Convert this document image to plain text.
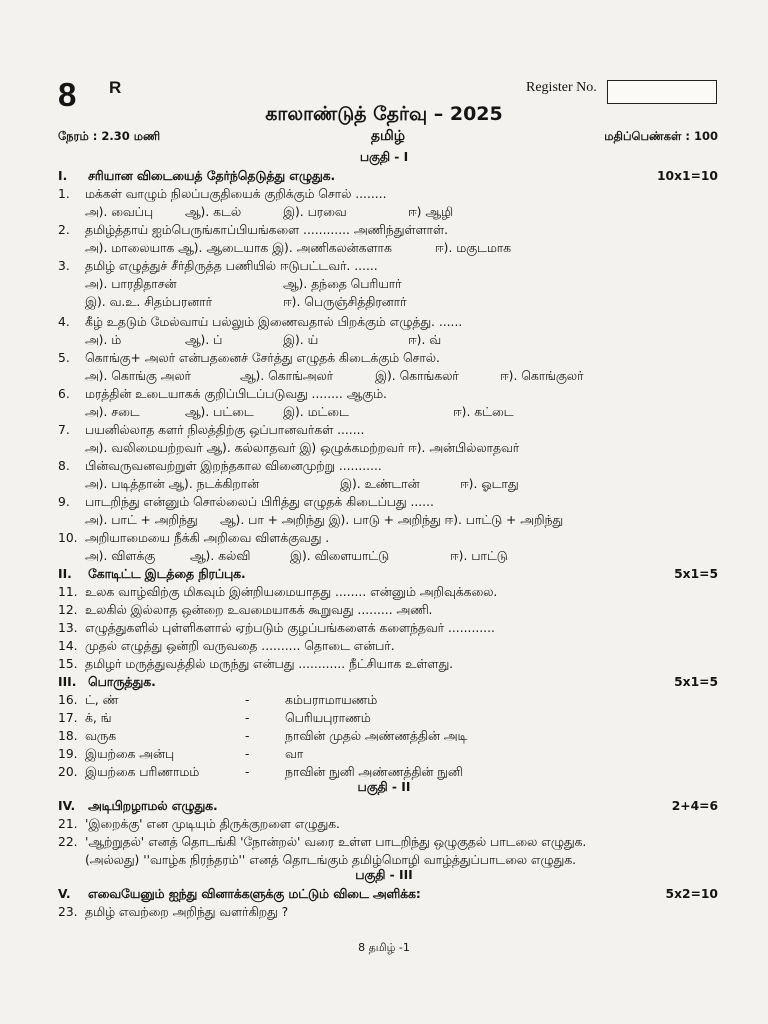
8 R	Register No.
காலாண்டுத் தேர்வு – 2025
நேரம் : 2.30 மணி	தமிழ்	மதிப்பெண்கள் : 100
பகுதி - I
I. சரியான விடையைத் தேர்ந்தெடுத்து எழுதுக.	10x1=10
1. மக்கள் வாழும் நிலப்பகுதியைக் குறிக்கும் சொல் ........
அ). வைப்பு	ஆ). கடல்	இ). பரவை	ஈ) ஆழி
2. தமிழ்த்தாய் ஐம்பெருங்காப்பியங்களை ............ அணிந்துள்ளாள்.
அ). மாலையாக ஆ). ஆடையாக இ). அணிகலன்களாக	ஈ). மகுடமாக
3. தமிழ் எழுத்துச் சீர்திருத்த பணியில் ஈடுபட்டவர். ......
அ). பாரதிதாசன்	ஆ). தந்தை பெரியார்
இ). வ.உ. சிதம்பரனார்	ஈ). பெருஞ்சித்திரனார்
4. கீழ் உதடும் மேல்வாய் பல்லும் இணைவதால் பிறக்கும் எழுத்து. ......
அ). ம்	ஆ). ப்	இ). ய்	ஈ). வ்
5. கொங்கு+ அலர் என்பதனைச் சேர்த்து எழுதக் கிடைக்கும் சொல்.
அ). கொங்கு அலர்	ஆ). கொங்அலர்	இ). கொங்கலர்	ஈ). கொங்குலர்
6. மரத்தின் உடையாகக் குறிப்பிடப்படுவது ........ ஆகும்.
அ). சடை	ஆ). பட்டை இ). மட்டை	ஈ). கட்டை
7. பயனில்லாத களர் நிலத்திற்கு ஒப்பானவர்கள் .......
அ). வலிமையற்றவர் ஆ). கல்லாதவர் இ) ஒழுக்கமற்றவர் ஈ). அன்பில்லாதவர்
8. பின்வருவனவற்றுள் இறந்தகால வினைமுற்று ...........
அ). படித்தான் ஆ). நடக்கிறான்	இ). உண்டான்	ஈ). ஓடாது
9. பாடறிந்து என்னும் சொல்லைப் பிரித்து எழுதக் கிடைப்பது ......
அ). பாட் + அறிந்து ஆ). பா + அறிந்து இ). பாடு + அறிந்து ஈ). பாட்டு + அறிந்து
10. அறியாமையை நீக்கி அறிவை விளக்குவது .
அ). விளக்கு	ஆ). கல்வி	இ). விளையாட்டு	ஈ). பாட்டு
II. கோடிட்ட இடத்தை நிரப்புக.	5x1=5
11. உலக வாழ்விற்கு மிகவும் இன்றியமையாதது ........ என்னும் அறிவுக்கலை.
12. உலகில் இல்லாத ஒன்றை உவமையாகக் கூறுவது ......... அணி.
13. எழுத்துகளில் புள்ளிகளால் ஏற்படும் குழப்பங்களைக் களைந்தவர் ............
14. முதல் எழுத்து ஒன்றி வருவதை .......... தொடை என்பர்.
15. தமிழர் மருத்துவத்தில் மருந்து என்பது ............ நீட்சியாக உள்ளது.
III. பொருத்துக.	5x1=5
16. ட், ண்	-	கம்பராமாயணம்
17. க், ங்	-	பெரியபுராணம்
18. வருக	-	நாவின் முதல் அண்ணத்தின் அடி
19. இயற்கை அன்பு	-	வா
20. இயற்கை பரிணாமம்	-	நாவின் நுனி அண்ணத்தின் நுனி
பகுதி - II
IV. அடிபிறழாமல் எழுதுக.	2+4=6
21. 'இறைக்கு' என முடியும் திருக்குறளை எழுதுக.
22. 'ஆற்றுதல்' எனத் தொடங்கி 'நோன்றல்' வரை உள்ள பாடறிந்து ஒழுகுதல் பாடலை எழுதுக.
(அல்லது) ''வாழ்க நிரந்தரம்'' எனத் தொடங்கும் தமிழ்மொழி வாழ்த்துப்பாடலை எழுதுக.
பகுதி - III
V. எவையேனும் ஐந்து வினாக்களுக்கு மட்டும் விடை அளிக்க:	5x2=10
23. தமிழ் எவற்றை அறிந்து வளர்கிறது ?
8 தமிழ் -1
